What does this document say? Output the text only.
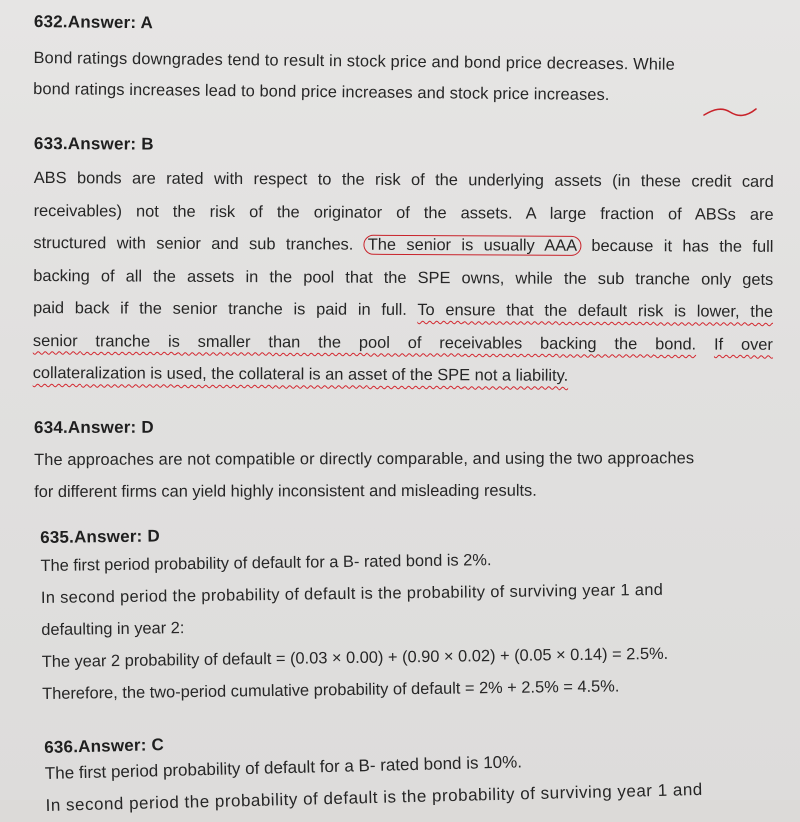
632.Answer: A
Bond ratings downgrades tend to result in stock price and bond price decreases. While
bond ratings increases lead to bond price increases and stock price increases.
633.Answer: B
ABS bonds are rated with respect to the risk of the underlying assets (in these credit card
receivables) not the risk of the originator of the assets. A large fraction of ABSs are
structured with senior and sub tranches. The senior is usually AAA because it has the full
backing of all the assets in the pool that the SPE owns, while the sub tranche only gets
paid back if the senior tranche is paid in full. To ensure that the default risk is lower, the
senior tranche is smaller than the pool of receivables backing the bond. If over
collateralization is used, the collateral is an asset of the SPE not a liability.
634.Answer: D
The approaches are not compatible or directly comparable, and using the two approaches
for different firms can yield highly inconsistent and misleading results.
635.Answer: D
The first period probability of default for a B- rated bond is 2%.
In second period the probability of default is the probability of surviving year 1 and
defaulting in year 2:
The year 2 probability of default = (0.03 × 0.00) + (0.90 × 0.02) + (0.05 × 0.14) = 2.5%.
Therefore, the two-period cumulative probability of default = 2% + 2.5% = 4.5%.
636.Answer: C
The first period probability of default for a B- rated bond is 10%.
In second period the probability of default is the probability of surviving year 1 and
